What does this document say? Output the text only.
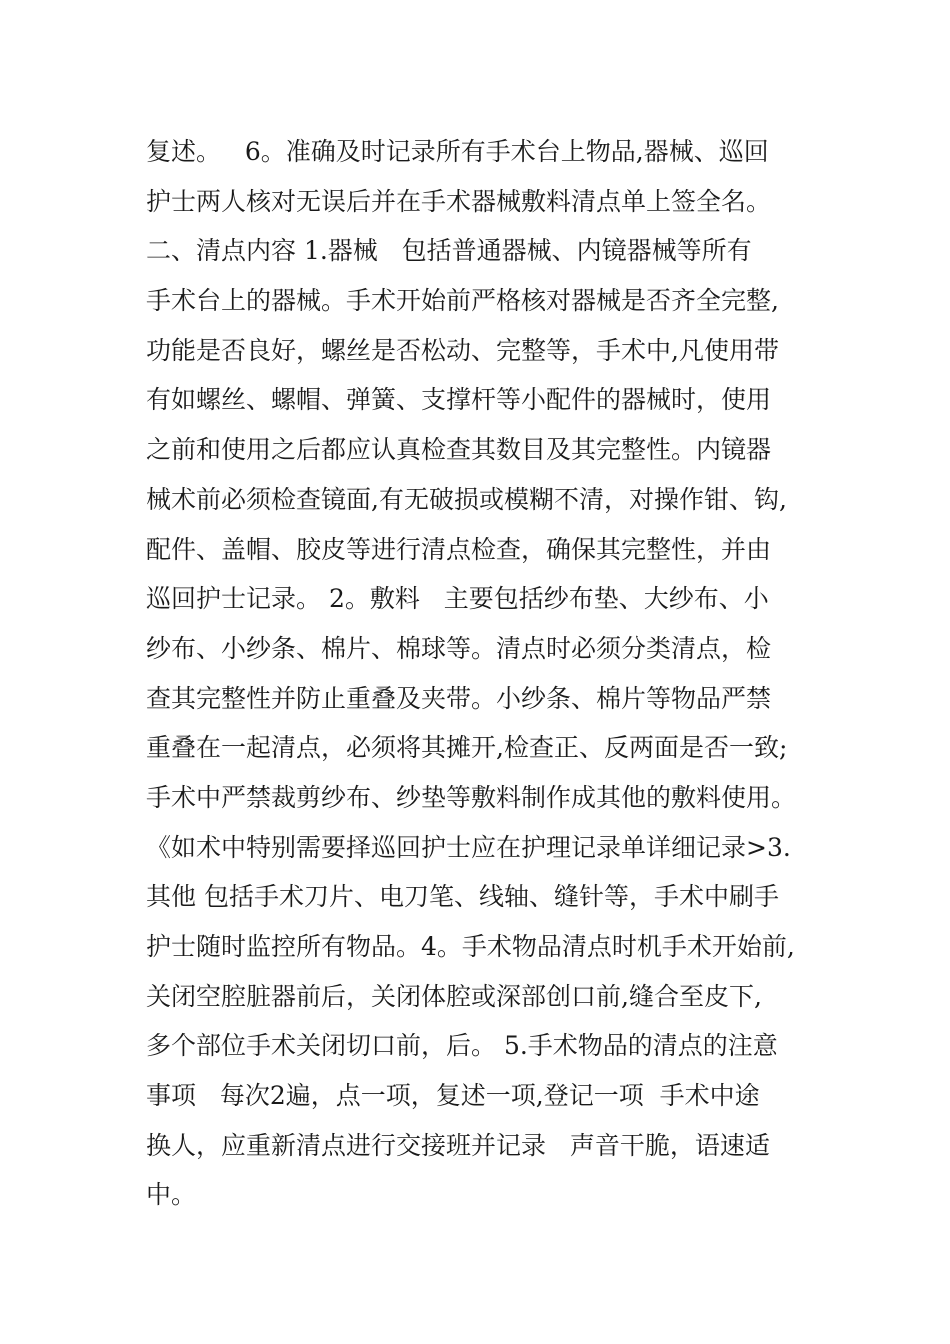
复述。   6。准确及时记录所有手术台上物品,器械、巡回
护士两人核对无误后并在手术器械敷料清点单上签全名。
二、清点内容 1.器械   包括普通器械、内镜器械等所有
手术台上的器械。手术开始前严格核对器械是否齐全完整,
功能是否良好，螺丝是否松动、完整等，手术中,凡使用带
有如螺丝、螺帽、弹簧、支撑杆等小配件的器械时，使用
之前和使用之后都应认真检查其数目及其完整性。内镜器
械术前必须检查镜面,有无破损或模糊不清，对操作钳、钩,
配件、盖帽、胶皮等进行清点检查，确保其完整性，并由
巡回护士记录。 2。敷料   主要包括纱布垫、大纱布、小
纱布、小纱条、棉片、棉球等。清点时必须分类清点，检
查其完整性并防止重叠及夹带。小纱条、棉片等物品严禁
重叠在一起清点，必须将其摊开,检查正、反两面是否一致;
手术中严禁裁剪纱布、纱垫等敷料制作成其他的敷料使用。
《如术中特别需要择巡回护士应在护理记录单详细记录>3.
其他 包括手术刀片、电刀笔、线轴、缝针等，手术中刷手
护士随时监控所有物品。4。手术物品清点时机手术开始前,
关闭空腔脏器前后，关闭体腔或深部创口前,缝合至皮下,
多个部位手术关闭切口前，后。 5.手术物品的清点的注意
事项   每次2遍，点一项，复述一项,登记一项  手术中途
换人，应重新清点进行交接班并记录   声音干脆，语速适
中。
